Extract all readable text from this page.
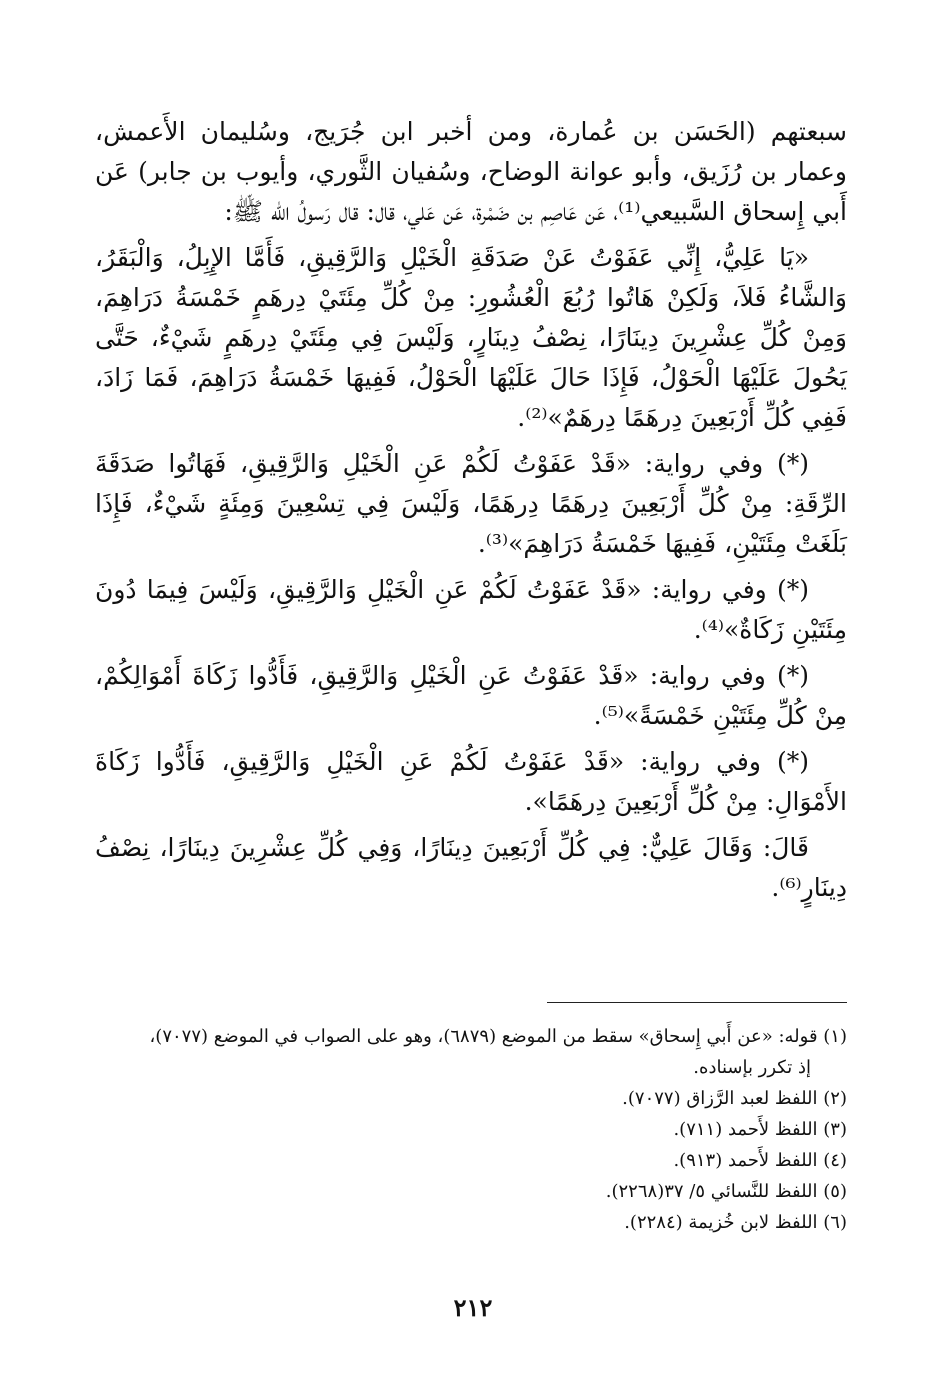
سبعتهم (الحَسَن بن عُمارة، ومن أخبر ابن جُرَيج، وسُليمان الأَعمش، وعمار بن رُزَيق، وأبو عوانة الوضاح، وسُفيان الثَّوري، وأيوب بن جابر) عَن أَبي إِسحاق السَّبيعي⁽¹⁾، عَن عَاصِم بن ضَمْرة، عَن عَلي، قال: قال رَسولُ الله ﷺ:

«يَا عَلِيُّ، إِنِّي عَفَوْتُ عَنْ صَدَقَةِ الْخَيْلِ وَالرَّقِيقِ، فَأَمَّا الإِبِلُ، وَالْبَقَرُ، وَالشَّاءُ فَلاَ، وَلَكِنْ هَاتُوا رُبُعَ الْعُشُورِ: مِنْ كُلِّ مِئَتَيْ دِرهَمٍ خَمْسَةُ دَرَاهِمَ، وَمِنْ كُلِّ عِشْرِينَ دِينَارًا، نِصْفُ دِينَارٍ، وَلَيْسَ فِي مِئَتَيْ دِرهَمٍ شَيْءٌ، حَتَّى يَحُولَ عَلَيْهَا الْحَوْلُ، فَإِذَا حَالَ عَلَيْهَا الْحَوْلُ، فَفِيهَا خَمْسَةُ دَرَاهِمَ، فَمَا زَادَ، فَفِي كُلِّ أَرْبَعِينَ دِرهَمًا دِرهَمٌ»⁽²⁾.

(*) وفي رواية: «قَدْ عَفَوْتُ لَكُمْ عَنِ الْخَيْلِ وَالرَّقِيقِ، فَهَاتُوا صَدَقَةَ الرِّقَةِ: مِنْ كُلِّ أَرْبَعِينَ دِرهَمًا دِرهَمًا، وَلَيْسَ فِي تِسْعِينَ وَمِئَةٍ شَيْءٌ، فَإِذَا بَلَغَتْ مِئَتَيْنِ، فَفِيهَا خَمْسَةُ دَرَاهِمَ»⁽³⁾.

(*) وفي رواية: «قَدْ عَفَوْتُ لَكُمْ عَنِ الْخَيْلِ وَالرَّقِيقِ، وَلَيْسَ فِيمَا دُونَ مِئَتَيْنِ زَكَاةٌ»⁽⁴⁾.

(*) وفي رواية: «قَدْ عَفَوْتُ عَنِ الْخَيْلِ وَالرَّقِيقِ، فَأَدُّوا زَكَاةَ أَمْوَالِكُمْ، مِنْ كُلِّ مِئَتَيْنِ خَمْسَةً»⁽⁵⁾.

(*) وفي رواية: «قَدْ عَفَوْتُ لَكُمْ عَنِ الْخَيْلِ وَالرَّقِيقِ، فَأَدُّوا زَكَاةَ الأَمْوَالِ: مِنْ كُلِّ أَرْبَعِينَ دِرهَمًا».

قَالَ: وَقَالَ عَلِيٌّ: فِي كُلِّ أَرْبَعِينَ دِينَارًا، وَفِي كُلِّ عِشْرِينَ دِينَارًا، نِصْفُ دِينَارٍ⁽⁶⁾.

(١) قوله: «عن أَبي إِسحاق» سقط من الموضع (٦٨٧٩)، وهو على الصواب في الموضع (٧٠٧٧)،
إذ تكرر بإسناده.
(٢) اللفظ لعبد الرَّزاق (٧٠٧٧).
(٣) اللفظ لأَحمد (٧١١).
(٤) اللفظ لأَحمد (٩١٣).
(٥) اللفظ للنَّسائي ٥/ ٣٧(٢٢٦٨).
(٦) اللفظ لابن خُزيمة (٢٢٨٤).
٢١٢
